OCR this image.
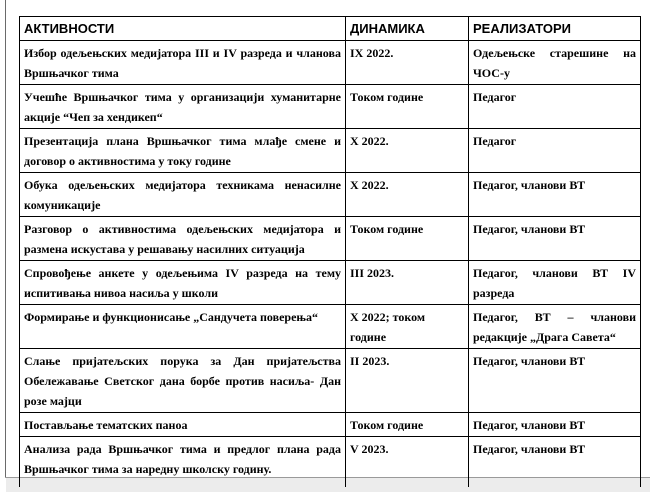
АКТИВНОСТИ	ДИНАМИКА	РЕАЛИЗАТОРИ
Избор одељењских медијатора III и IV разреда и чланова Вршњачког тима	IX 2022.	Одељењске старешине на ЧОС-у
Учешће Вршњачког тима у организацији хуманитарне акције “Чеп за хендикеп“	Током године	Педагог
Презентација плана Вршњачког тима млађе смене и договор о активностима у току године	X 2022.	Педагог
Обука одељењских медијатора техникама ненасилне комуникације	X 2022.	Педагог, чланови ВТ
Разговор о активностима одељењских медијатора и размена искустава у решавању насилних ситуација	Током године	Педагог, чланови ВТ
Спровођење анкете у одељењима IV разреда на тему испитивања нивоа насиља у школи	III 2023.	Педагог, чланови ВТ IV разреда
Формирање и функционисање „Сандучета поверења“	X 2022; током године	Педагог, ВТ – чланови редакције „Драга Савета“
Слање пријатељских порука за Дан пријатељства Обележавање Светског дана борбе против насиља- Дан розе мајци	II 2023.	Педагог, чланови ВТ
Постављање тематских паноа	Током године	Педагог, чланови ВТ
Анализа рада Вршњачког тима и предлог плана рада Вршњачког тима за наредну школску годину.	V 2023.	Педагог, чланови ВТ
